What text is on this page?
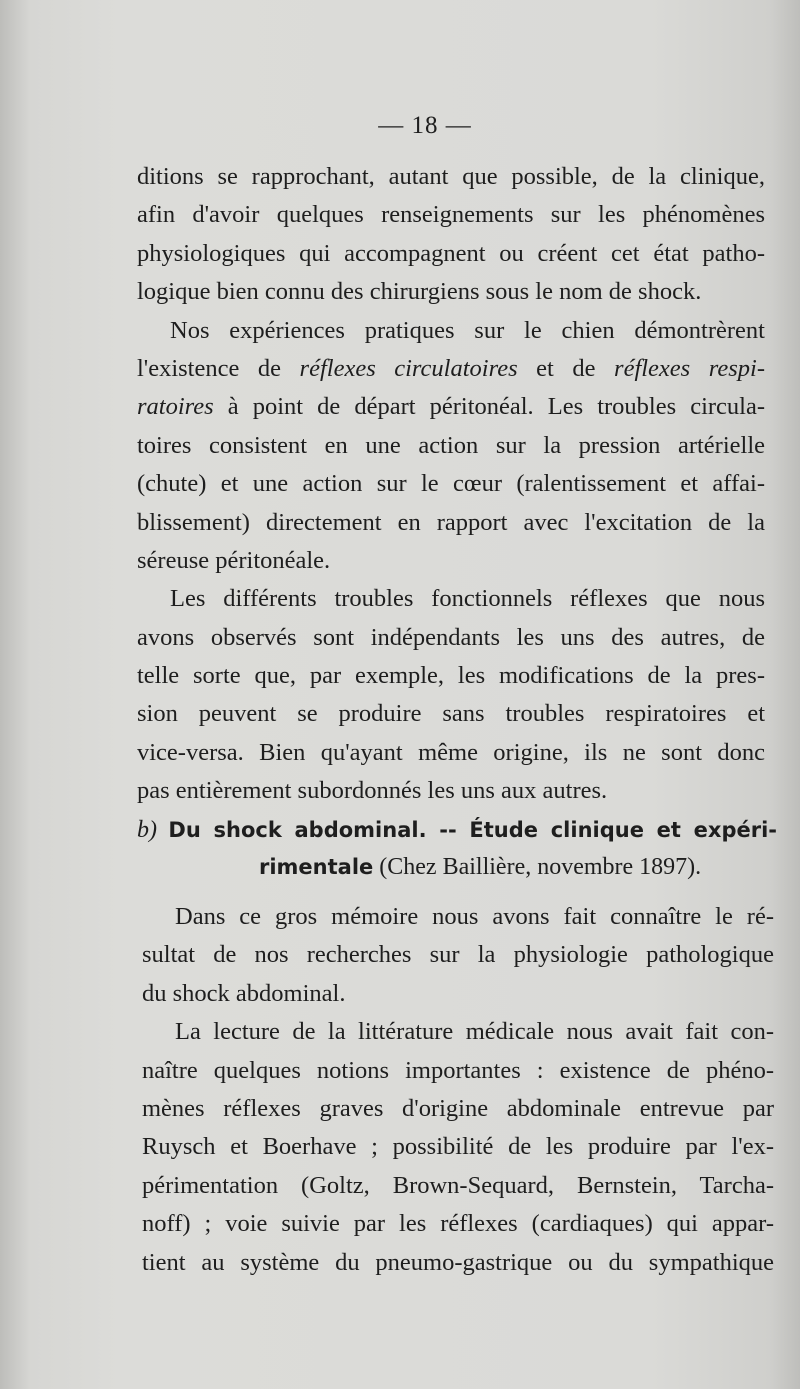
— 18 —
ditions se rapprochant, autant que possible, de la clinique,
afin d'avoir quelques renseignements sur les phénomènes
physiologiques qui accompagnent ou créent cet état patho-
logique bien connu des chirurgiens sous le nom de shock.
Nos expériences pratiques sur le chien démontrèrent
l'existence de réflexes circulatoires et de réflexes respi-
ratoires à point de départ péritonéal. Les troubles circula-
toires consistent en une action sur la pression artérielle
(chute) et une action sur le cœur (ralentissement et affai-
blissement) directement en rapport avec l'excitation de la
séreuse péritonéale.
Les différents troubles fonctionnels réflexes que nous
avons observés sont indépendants les uns des autres, de
telle sorte que, par exemple, les modifications de la pres-
sion peuvent se produire sans troubles respiratoires et
vice-versa. Bien qu'ayant même origine, ils ne sont donc
pas entièrement subordonnés les uns aux autres.
b) Du shock abdominal. -- Étude clinique et expéri-
rimentale (Chez Baillière, novembre 1897).
Dans ce gros mémoire nous avons fait connaître le ré-
sultat de nos recherches sur la physiologie pathologique
du shock abdominal.
La lecture de la littérature médicale nous avait fait con-
naître quelques notions importantes : existence de phéno-
mènes réflexes graves d'origine abdominale entrevue par
Ruysch et Boerhave ; possibilité de les produire par l'ex-
périmentation (Goltz, Brown-Sequard, Bernstein, Tarcha-
noff) ; voie suivie par les réflexes (cardiaques) qui appar-
tient au système du pneumo-gastrique ou du sympathique
